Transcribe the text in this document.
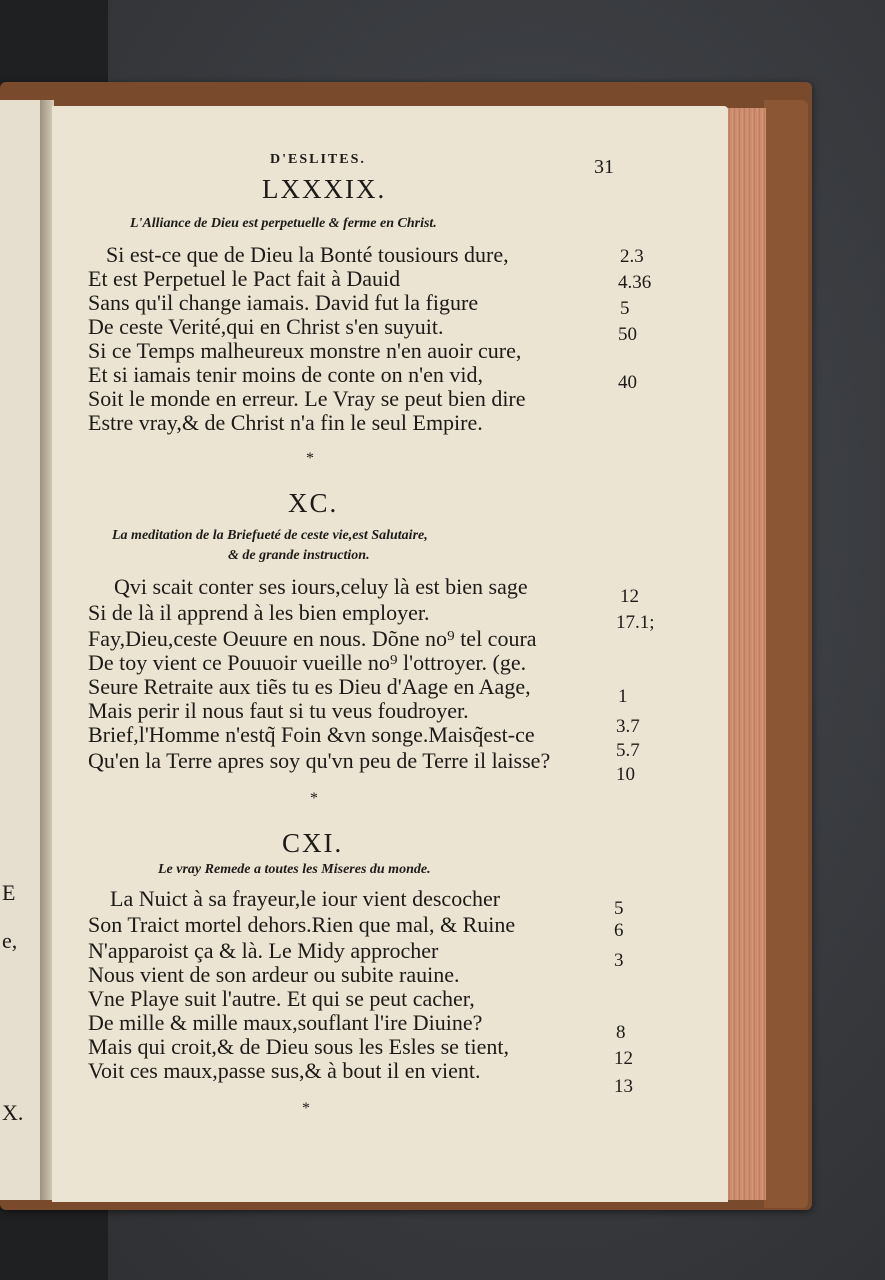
E
e,
X.
D'ESLITES.	31
LXXXIX.
L'Alliance de Dieu est perpetuelle & ferme en Christ.
Si est-ce que de Dieu la Bonté tousiours dure,	2.3
Et est Perpetuel le Pact fait à Dauid	4.36
Sans qu'il change iamais. David fut la figure	5
De ceste Verité,qui en Christ s'en suyuit.	50
Si ce Temps malheureux monstre n'en auoir cure,
Et si iamais tenir moins de conte on n'en vid,	40
Soit le monde en erreur. Le Vray se peut bien dire
Estre vray,& de Christ n'a fin le seul Empire.
*
XC.
La meditation de la Briefueté de ceste vie,est Salutaire,
& de grande instruction.
Qvi scait conter ses iours,celuy là est bien sage	12
Si de là il apprend à les bien employer.	17.1;
Fay,Dieu,ceste Oeuure en nous. Dõne no⁹ tel coura
De toy vient ce Pouuoir vueille no⁹ l'ottroyer. (ge.
Seure Retraite aux tiẽs tu es Dieu d'Aage en Aage,	1
Mais perir il nous faut si tu veus foudroyer.
3.7
Brief,l'Homme n'estq̃ Foin &vn songe.Maisq̃est-ce
5.7
Qu'en la Terre apres soy qu'vn peu de Terre il laisse?
10
*
CXI.
Le vray Remede a toutes les Miseres du monde.
La Nuict à sa frayeur,le iour vient descocher	5
Son Traict mortel dehors.Rien que mal, & Ruine	6
N'apparoist ça & là. Le Midy approcher	3
Nous vient de son ardeur ou subite rauine.
Vne Playe suit l'autre. Et qui se peut cacher,
De mille & mille maux,souflant l'ire Diuine?	8
Mais qui croit,& de Dieu sous les Esles se tient,	12
Voit ces maux,passe sus,& à bout il en vient.
13
*
